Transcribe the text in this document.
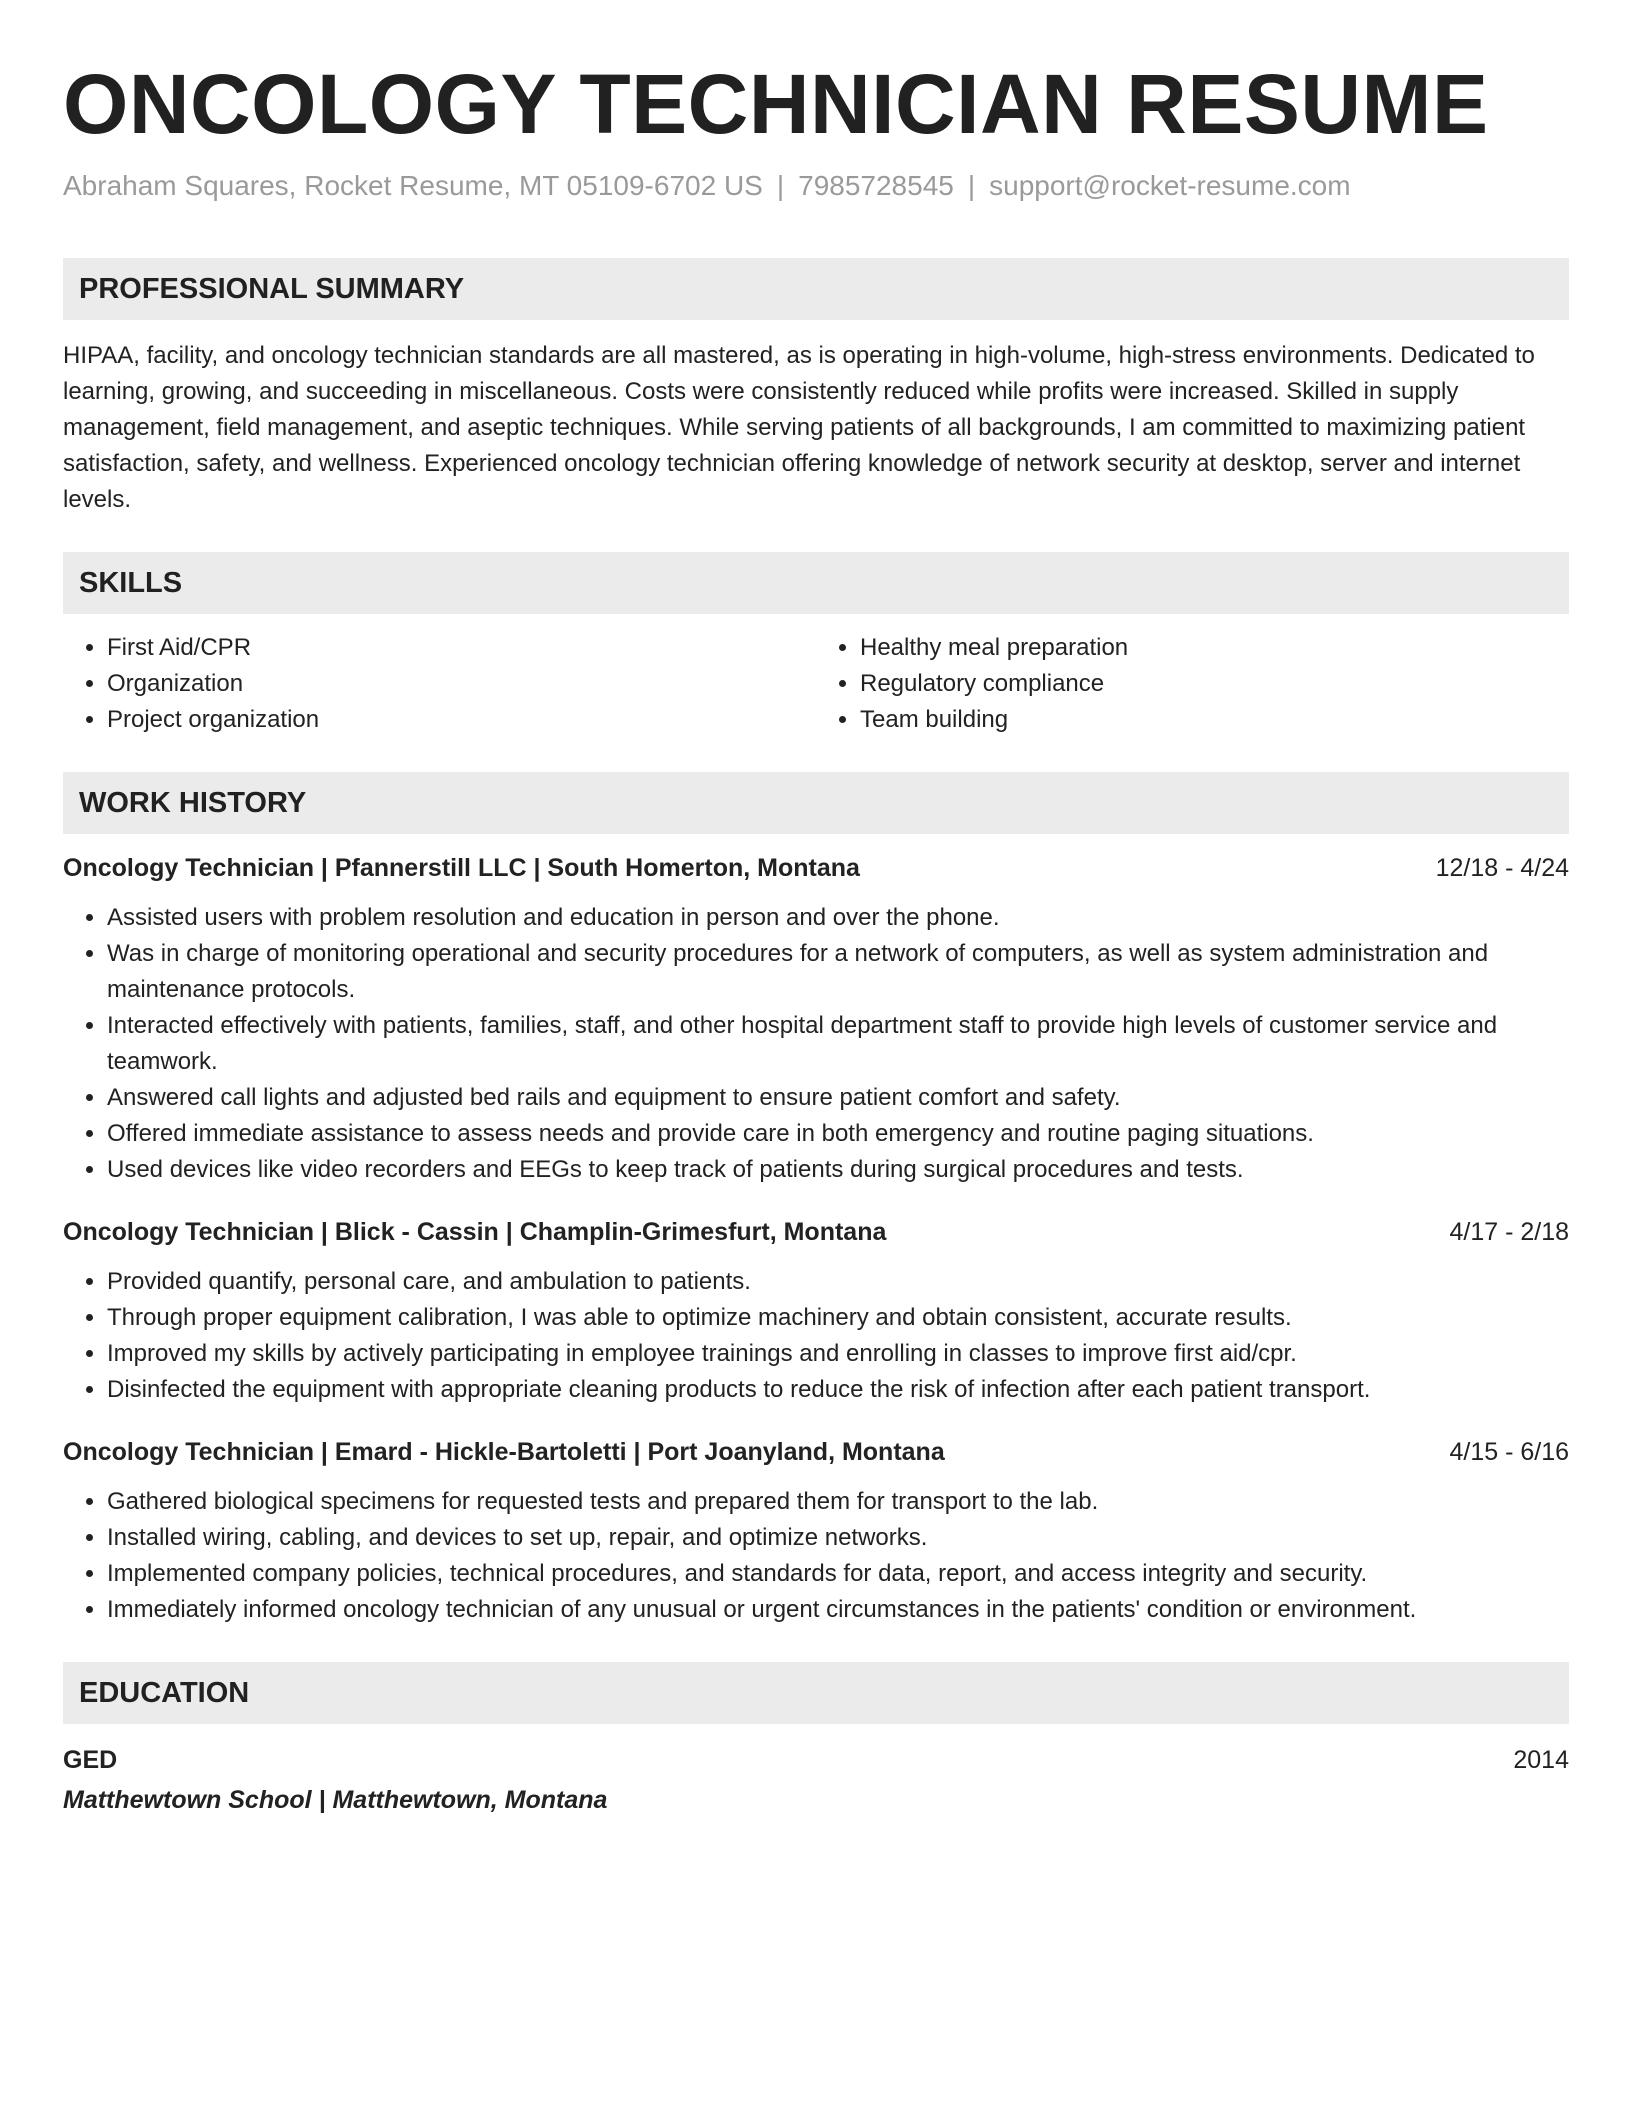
ONCOLOGY TECHNICIAN RESUME
Abraham Squares, Rocket Resume, MT 05109-6702 US | 7985728545 | support@rocket-resume.com
PROFESSIONAL SUMMARY

HIPAA, facility, and oncology technician standards are all mastered, as is operating in high-volume, high-stress environments. Dedicated to learning, growing, and succeeding in miscellaneous. Costs were consistently reduced while profits were increased. Skilled in supply management, field management, and aseptic techniques. While serving patients of all backgrounds, I am committed to maximizing patient satisfaction, safety, and wellness. Experienced oncology technician offering knowledge of network security at desktop, server and internet levels.

SKILLS
• First Aid/CPR
• Organization
• Project organization
• Healthy meal preparation
• Regulatory compliance
• Team building
WORK HISTORY
Oncology Technician | Pfannerstill LLC | South Homerton, Montana	12/18 - 4/24
• Assisted users with problem resolution and education in person and over the phone.
• Was in charge of monitoring operational and security procedures for a network of computers, as well as system administration and maintenance protocols.
• Interacted effectively with patients, families, staff, and other hospital department staff to provide high levels of customer service and teamwork.
• Answered call lights and adjusted bed rails and equipment to ensure patient comfort and safety.
• Offered immediate assistance to assess needs and provide care in both emergency and routine paging situations.
• Used devices like video recorders and EEGs to keep track of patients during surgical procedures and tests.
Oncology Technician | Blick - Cassin | Champlin-Grimesfurt, Montana	4/17 - 2/18
• Provided quantify, personal care, and ambulation to patients.
• Through proper equipment calibration, I was able to optimize machinery and obtain consistent, accurate results.
• Improved my skills by actively participating in employee trainings and enrolling in classes to improve first aid/cpr.
• Disinfected the equipment with appropriate cleaning products to reduce the risk of infection after each patient transport.
Oncology Technician | Emard - Hickle-Bartoletti | Port Joanyland, Montana	4/15 - 6/16
• Gathered biological specimens for requested tests and prepared them for transport to the lab.
• Installed wiring, cabling, and devices to set up, repair, and optimize networks.
• Implemented company policies, technical procedures, and standards for data, report, and access integrity and security.
• Immediately informed oncology technician of any unusual or urgent circumstances in the patients' condition or environment.
EDUCATION
GED	2014
Matthewtown School | Matthewtown, Montana
